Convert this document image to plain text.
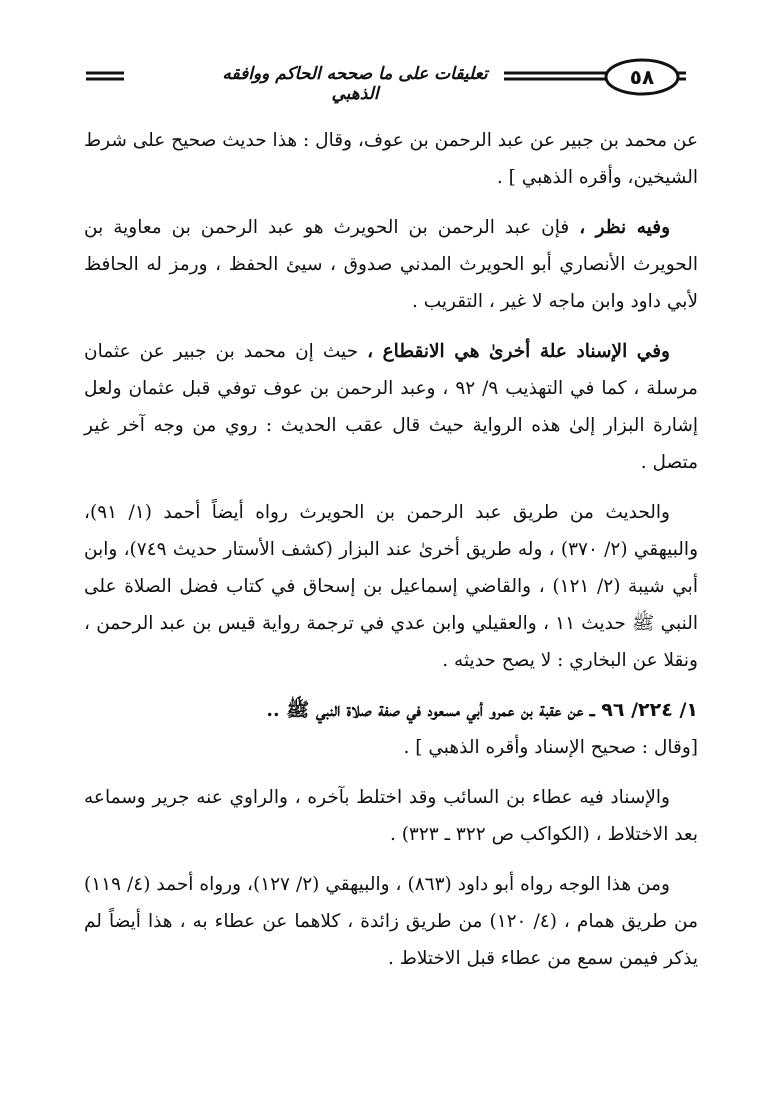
تعليقات على ما صححه الحاكم ووافقه الذهبي
٥٨

عن محمد بن جبير عن عبد الرحمن بن عوف، وقال : هذا حديث صحيح على شرط الشيخين، وأقره الذهبي ] .

وفيه نظر ، فإن عبد الرحمن بن الحويرث هو عبد الرحمن بن معاوية بن الحويرث الأنصاري أبو الحويرث المدني صدوق ، سيئ الحفظ ، ورمز له الحافظ لأبي داود وابن ماجه لا غير ، التقريب .

وفي الإسناد علة أخرىٰ هي الانقطاع ، حيث إن محمد بن جبير عن عثمان مرسلة ، كما في التهذيب ٩/ ٩٢ ، وعبد الرحمن بن عوف توفي قبل عثمان ولعل إشارة البزار إلىٰ هذه الرواية حيث قال عقب الحديث : روي من وجه آخر غير متصل .

والحديث من طريق عبد الرحمن بن الحويرث رواه أيضاً أحمد (١/ ٩١)، والبيهقي (٢/ ٣٧٠) ، وله طريق أخرىٰ عند البزار (كشف الأستار حديث ٧٤٩)، وابن أبي شيبة (٢/ ١٢١) ، والقاضي إسماعيل بن إسحاق في كتاب فضل الصلاة على النبي ﷺ حديث ١١ ، والعقيلي وابن عدي في ترجمة رواية قيس بن عبد الرحمن ، ونقلا عن البخاري : لا يصح حديثه .

١/ ٢٢٤/ ٩٦ ــ عن عقبة بن عمرو أبي مسعود في صفة صلاة النبي ﷺ ..

[وقال : صحيح الإسناد وأقره الذهبي ] .

والإسناد فيه عطاء بن السائب وقد اختلط بآخره ، والراوي عنه جرير وسماعه بعد الاختلاط ، (الكواكب ص ٣٢٢ ـ ٣٢٣) .

ومن هذا الوجه رواه أبو داود (٨٦٣) ، والبيهقي (٢/ ١٢٧)، ورواه أحمد (٤/ ١١٩) من طريق همام ، (٤/ ١٢٠) من طريق زائدة ، كلاهما عن عطاء به ، هذا أيضاً لم يذكر فيمن سمع من عطاء قبل الاختلاط .
